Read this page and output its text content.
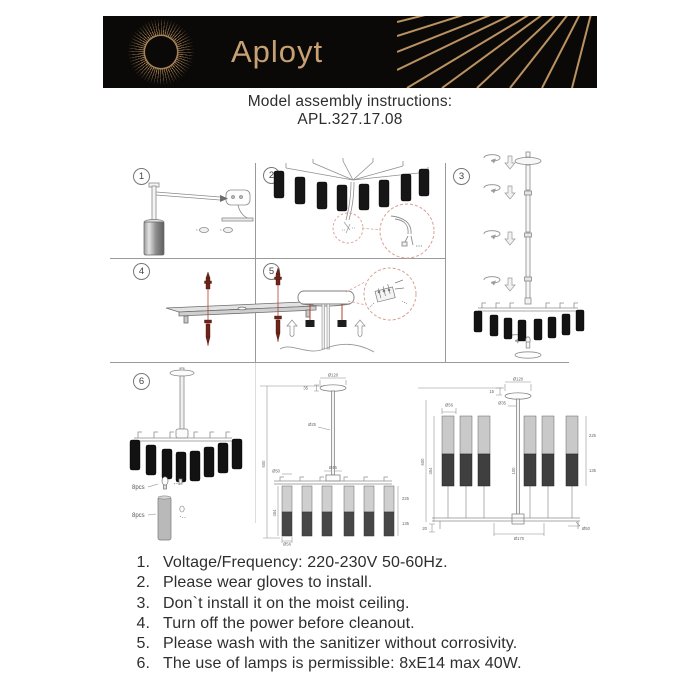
Aployt
Model assembly instructions:
APL.327.17.08
1	2	3
4	5
6
8pcs
8pcs
Ø120
35
Ø25
600
454
Ø45
Ø50
225
135
Ø56
Ø120
15
Ø35
100
600
454
Ø56
225
135
Ø50
Ø170
20
1. Voltage/Frequency: 220-230V 50-60Hz.
2. Please wear gloves to install.
3. Don`t install it on the moist ceiling.
4. Turn off the power before cleanout.
5. Please wash with the sanitizer without corrosivity.
6. The use of lamps is permissible: 8xE14 max 40W.
